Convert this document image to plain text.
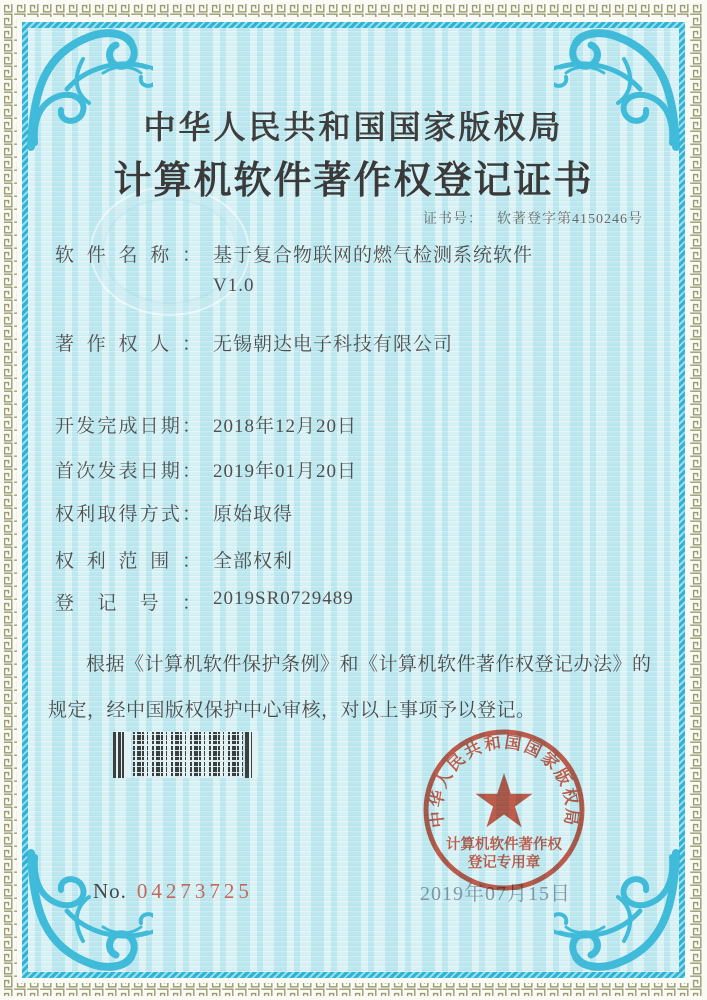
中华人民共和国国家版权局
计算机软件著作权登记证书
证书号： 软著登字第4150246号
软件名称： 基于复合物联网的燃气检测系统软件
V1.0
著作权人： 无锡朝达电子科技有限公司
开发完成日期： 2018年12月20日
首次发表日期： 2019年01月20日
权利取得方式： 原始取得
权利范围： 全部权利
登记号： 2019SR0729489
根据《计算机软件保护条例》和《计算机软件著作权登记办法》的
规定，经中国版权保护中心审核，对以上事项予以登记。
2019年07月15日
中华人民共和国国家版权局
计算机软件著作权
登记专用章
No. 04273725
